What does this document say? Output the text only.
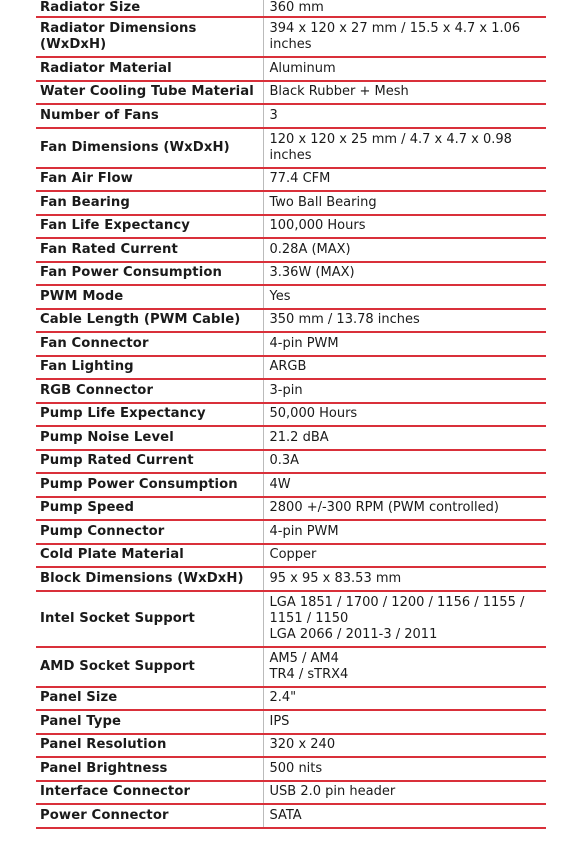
Radiator Size	360 mm
Radiator Dimensions (WxDxH)	394 x 120 x 27 mm / 15.5 x 4.7 x 1.06
inches
Radiator Material	Aluminum
Water Cooling Tube Material	Black Rubber + Mesh
Number of Fans	3
Fan Dimensions (WxDxH)	120 x 120 x 25 mm / 4.7 x 4.7 x 0.98
inches
Fan Air Flow	77.4 CFM
Fan Bearing	Two Ball Bearing
Fan Life Expectancy	100,000 Hours
Fan Rated Current	0.28A (MAX)
Fan Power Consumption	3.36W (MAX)
PWM Mode	Yes
Cable Length (PWM Cable)	350 mm / 13.78 inches
Fan Connector	4-pin PWM
Fan Lighting	ARGB
RGB Connector	3-pin
Pump Life Expectancy	50,000 Hours
Pump Noise Level	21.2 dBA
Pump Rated Current	0.3A
Pump Power Consumption	4W
Pump Speed	2800 +/-300 RPM (PWM controlled)
Pump Connector	4-pin PWM
Cold Plate Material	Copper
Block Dimensions (WxDxH)	95 x 95 x 83.53 mm
Intel Socket Support	LGA 1851 / 1700 / 1200 / 1156 / 1155 /
1151 / 1150
LGA 2066 / 2011-3 / 2011
AMD Socket Support	AM5 / AM4
TR4 / sTRX4
Panel Size	2.4"
Panel Type	IPS
Panel Resolution	320 x 240
Panel Brightness	500 nits
Interface Connector	USB 2.0 pin header
Power Connector	SATA
